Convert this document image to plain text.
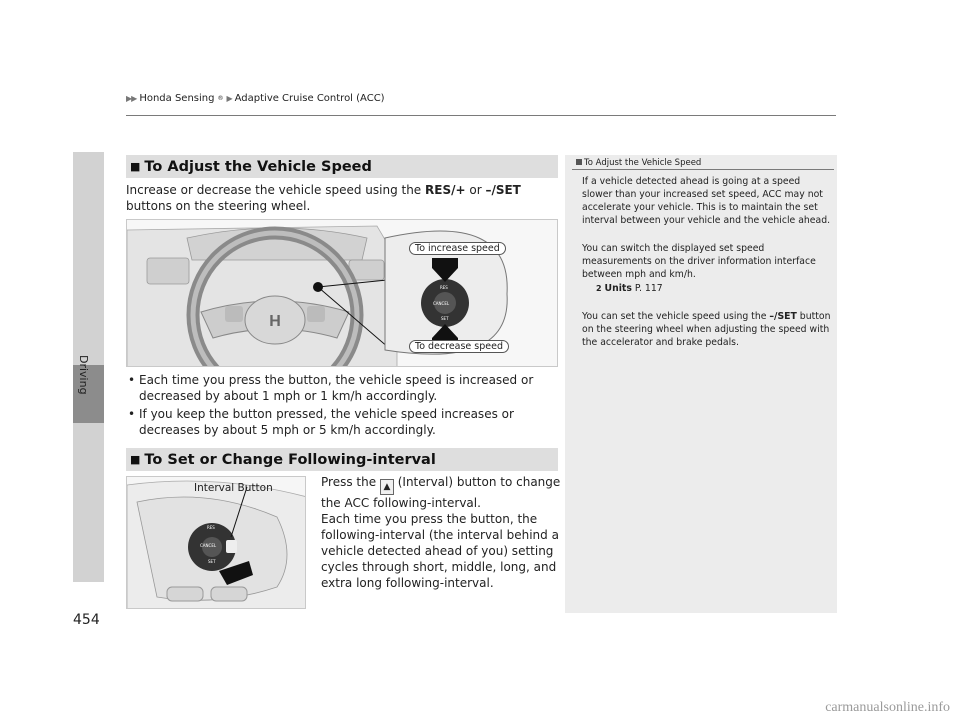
▶▶ Honda Sensing ® ▶ Adaptive Cruise Control (ACC)
Driving
■ To Adjust the Vehicle Speed
Increase or decrease the vehicle speed using the RES/+ or –/SET buttons on the steering wheel.
H
To increase speed
To decrease speed
RES
CANCEL
SET
• Each time you press the button, the vehicle speed is increased or decreased by about 1 mph or 1 km/h accordingly.
• If you keep the button pressed, the vehicle speed increases or decreases by about 5 mph or 5 km/h accordingly.
■ To Set or Change Following-interval
Interval Button
RES
CANCEL
SET
Press the ▲ (Interval) button to change the ACC following-interval.
Each time you press the button, the following-interval (the interval behind a vehicle detected ahead of you) setting cycles through short, middle, long, and extra long following-interval.
To Adjust the Vehicle Speed
If a vehicle detected ahead is going at a speed slower than your increased set speed, ACC may not accelerate your vehicle. This is to maintain the set interval between your vehicle and the vehicle ahead.
You can switch the displayed set speed measurements on the driver information interface between mph and km/h.
2 Units P. 117
You can set the vehicle speed using the –/SET button on the steering wheel when adjusting the speed with the accelerator and brake pedals.
454
carmanualsonline.info
